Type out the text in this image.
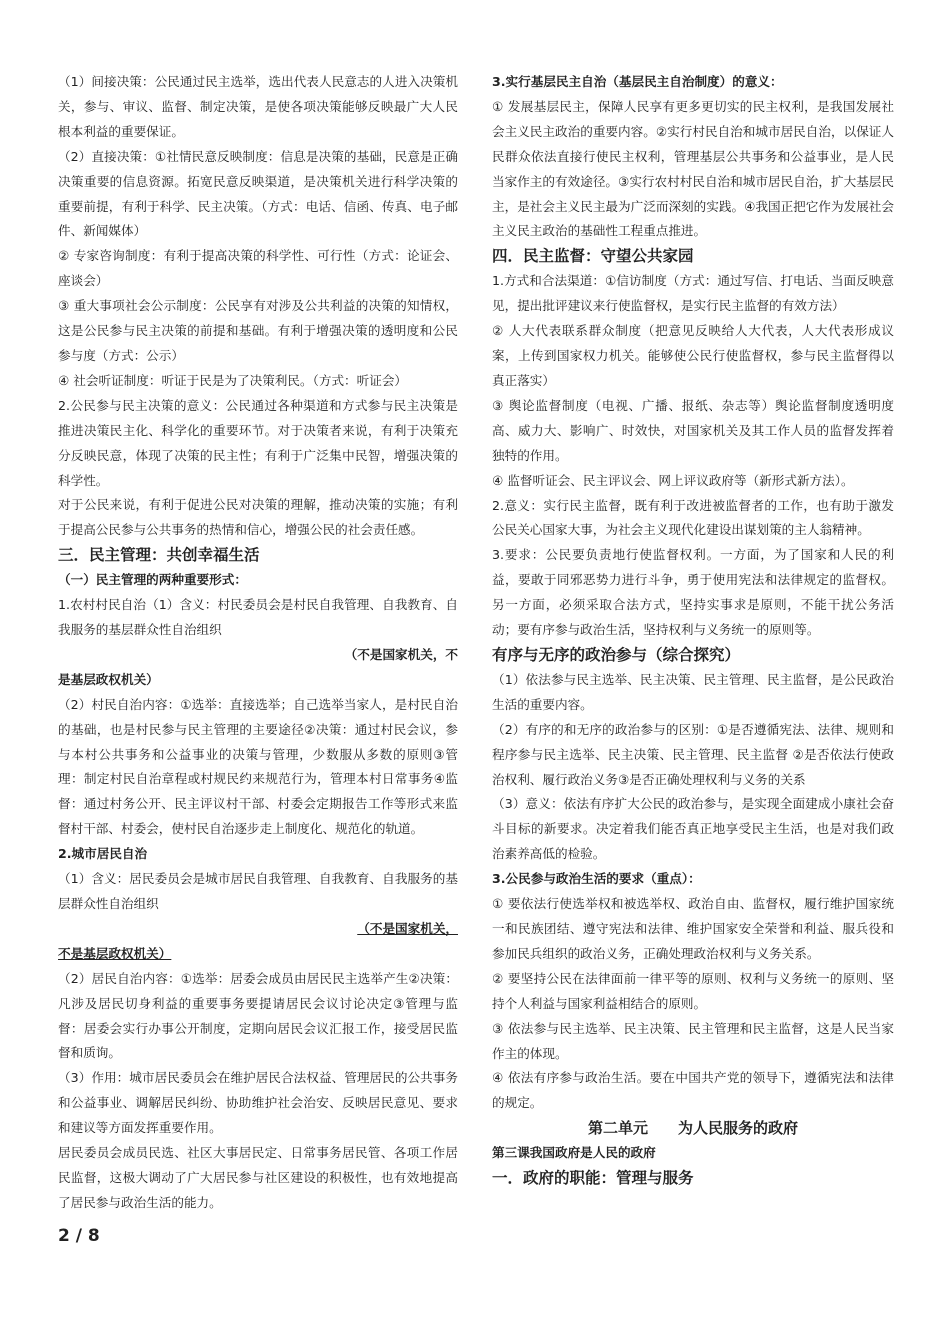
（1）间接决策：公民通过民主选举，选出代表人民意志的人进入决策机关，参与、审议、监督、制定决策，是使各项决策能够反映最广大人民根本利益的重要保证。

（2）直接决策：①社情民意反映制度：信息是决策的基础，民意是正确决策重要的信息资源。拓宽民意反映渠道，是决策机关进行科学决策的重要前提，有利于科学、民主决策。（方式：电话、信函、传真、电子邮件、新闻媒体）

② 专家咨询制度：有利于提高决策的科学性、可行性（方式：论证会、座谈会）

③ 重大事项社会公示制度：公民享有对涉及公共利益的决策的知情权，这是公民参与民主决策的前提和基础。有利于增强决策的透明度和公民参与度（方式：公示）

④ 社会听证制度：听证于民是为了决策利民。（方式：听证会）

2.公民参与民主决策的意义：公民通过各种渠道和方式参与民主决策是推进决策民主化、科学化的重要环节。对于决策者来说，有利于决策充分反映民意，体现了决策的民主性；有利于广泛集中民智，增强决策的科学性。

对于公民来说，有利于促进公民对决策的理解，推动决策的实施；有利于提高公民参与公共事务的热情和信心，增强公民的社会责任感。

三．民主管理：共创幸福生活

（一）民主管理的两种重要形式：

1.农村村民自治（1）含义：村民委员会是村民自我管理、自我教育、自我服务的基层群众性自治组织

（不是国家机关，不

是基层政权机关）

（2）村民自治内容：①选举：直接选举；自己选举当家人，是村民自治的基础，也是村民参与民主管理的主要途径②决策：通过村民会议，参与本村公共事务和公益事业的决策与管理，少数服从多数的原则③管理：制定村民自治章程或村规民约来规范行为，管理本村日常事务④监督：通过村务公开、民主评议村干部、村委会定期报告工作等形式来监督村干部、村委会，使村民自治逐步走上制度化、规范化的轨道。

2.城市居民自治

（1）含义：居民委员会是城市居民自我管理、自我教育、自我服务的基层群众性自治组织

（不是国家机关，

不是基层政权机关）

（2）居民自治内容：①选举：居委会成员由居民民主选举产生②决策：凡涉及居民切身利益的重要事务要提请居民会议讨论决定③管理与监督：居委会实行办事公开制度，定期向居民会议汇报工作，接受居民监督和质询。

（3）作用：城市居民委员会在维护居民合法权益、管理居民的公共事务和公益事业、调解居民纠纷、协助维护社会治安、反映居民意见、要求和建议等方面发挥重要作用。

居民委员会成员民选、社区大事居民定、日常事务居民管、各项工作居民监督，这极大调动了广大居民参与社区建设的积极性，也有效地提高了居民参与政治生活的能力。

3.实行基层民主自治（基层民主自治制度）的意义：

① 发展基层民主，保障人民享有更多更切实的民主权利，是我国发展社会主义民主政治的重要内容。②实行村民自治和城市居民自治，以保证人民群众依法直接行使民主权利，管理基层公共事务和公益事业，是人民当家作主的有效途径。③实行农村村民自治和城市居民自治，扩大基层民主，是社会主义民主最为广泛而深刻的实践。④我国正把它作为发展社会主义民主政治的基础性工程重点推进。

四．民主监督：守望公共家园

1.方式和合法渠道：①信访制度（方式：通过写信、打电话、当面反映意见，提出批评建议来行使监督权，是实行民主监督的有效方法）

② 人大代表联系群众制度（把意见反映给人大代表，人大代表形成议案，上传到国家权力机关。能够使公民行使监督权，参与民主监督得以真正落实）

③ 舆论监督制度（电视、广播、报纸、杂志等）舆论监督制度透明度高、威力大、影响广、时效快，对国家机关及其工作人员的监督发挥着独特的作用。

④ 监督听证会、民主评议会、网上评议政府等（新形式新方法）。

2.意义：实行民主监督，既有利于改进被监督者的工作，也有助于激发公民关心国家大事，为社会主义现代化建设出谋划策的主人翁精神。

3.要求：公民要负责地行使监督权利。一方面，为了国家和人民的利益，要敢于同邪恶势力进行斗争，勇于使用宪法和法律规定的监督权。另一方面，必须采取合法方式，坚持实事求是原则，不能干扰公务活动；要有序参与政治生活，坚持权利与义务统一的原则等。

有序与无序的政治参与（综合探究）

（1）依法参与民主选举、民主决策、民主管理、民主监督，是公民政治生活的重要内容。

（2）有序的和无序的政治参与的区别：①是否遵循宪法、法律、规则和程序参与民主选举、民主决策、民主管理、民主监督 ②是否依法行使政治权利、履行政治义务③是否正确处理权利与义务的关系

（3）意义：依法有序扩大公民的政治参与，是实现全面建成小康社会奋斗目标的新要求。决定着我们能否真正地享受民主生活，也是对我们政治素养高低的检验。

3.公民参与政治生活的要求（重点）：

① 要依法行使选举权和被选举权、政治自由、监督权，履行维护国家统一和民族团结、遵守宪法和法律、维护国家安全荣誉和利益、服兵役和参加民兵组织的政治义务，正确处理政治权利与义务关系。

② 要坚持公民在法律面前一律平等的原则、权利与义务统一的原则、坚持个人利益与国家利益相结合的原则。

③ 依法参与民主选举、民主决策、民主管理和民主监督，这是人民当家作主的体现。

④ 依法有序参与政治生活。要在中国共产党的领导下，遵循宪法和法律的规定。

第二单元　　为人民服务的政府

第三课我国政府是人民的政府

一．政府的职能：管理与服务

2 / 8
